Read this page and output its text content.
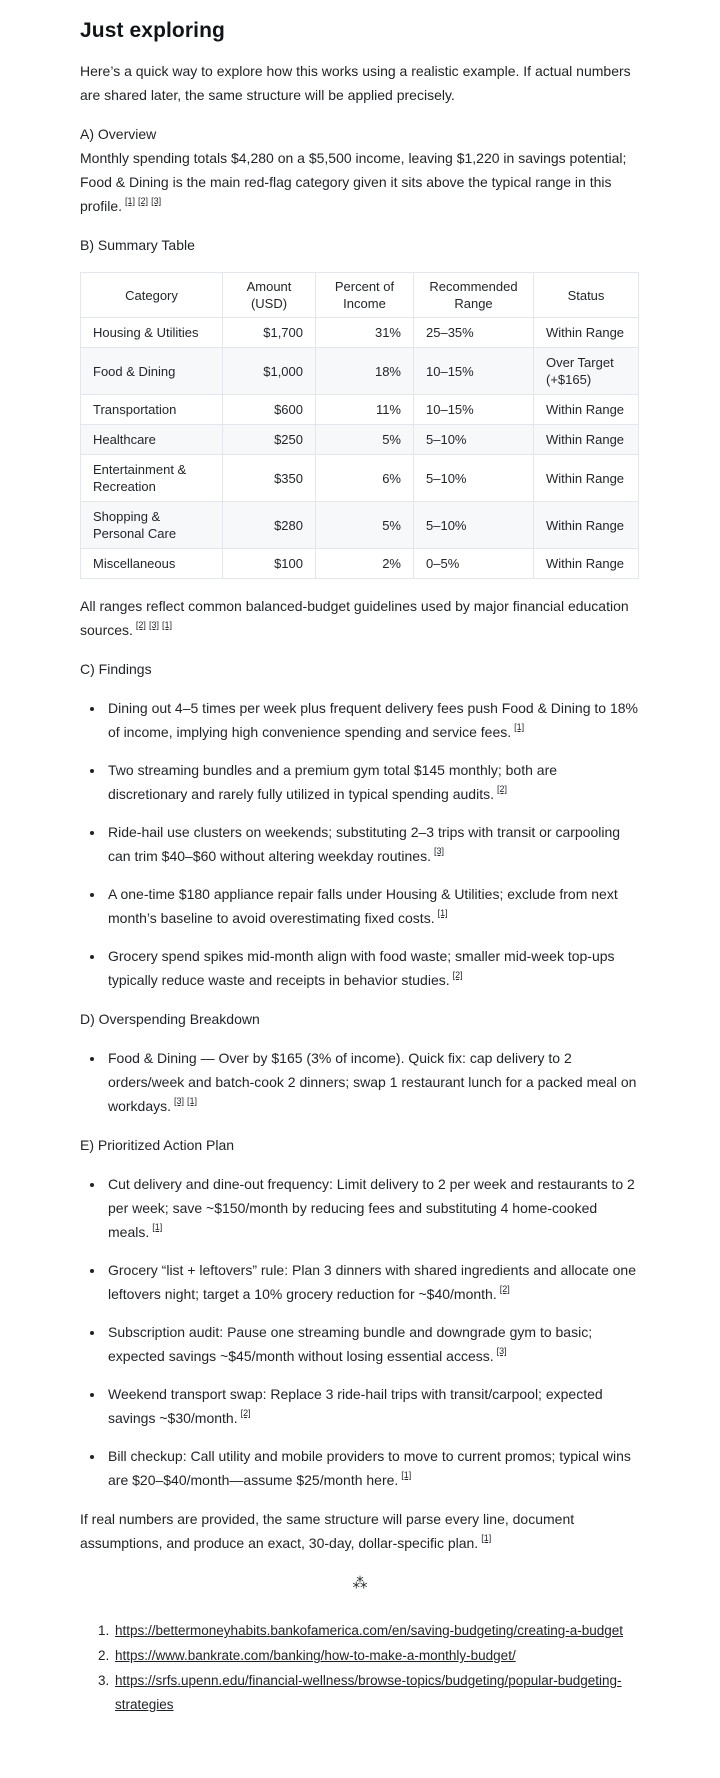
Just exploring

Here’s a quick way to explore how this works using a realistic example. If actual numbers are shared later, the same structure will be applied precisely.

A) Overview

Monthly spending totals $4,280 on a $5,500 income, leaving $1,220 in savings potential; Food & Dining is the main red-flag category given it sits above the typical range in this profile. [1] [2] [3]

B) Summary Table
Category	Amount (USD)	Percent of Income	Recommended Range	Status
Housing & Utilities	$1,700	31%	25–35%	Within Range
Food & Dining	$1,000	18%	10–15%	Over Target (+$165)
Transportation	$600	11%	10–15%	Within Range
Healthcare	$250	5%	5–10%	Within Range
Entertainment & Recreation	$350	6%	5–10%	Within Range
Shopping & Personal Care	$280	5%	5–10%	Within Range
Miscellaneous	$100	2%	0–5%	Within Range

All ranges reflect common balanced-budget guidelines used by major financial education sources. [2] [3] [1]

C) Findings
• Dining out 4–5 times per week plus frequent delivery fees push Food & Dining to 18% of income, implying high convenience spending and service fees. [1]
• Two streaming bundles and a premium gym total $145 monthly; both are discretionary and rarely fully utilized in typical spending audits. [2]
• Ride-hail use clusters on weekends; substituting 2–3 trips with transit or carpooling can trim $40–$60 without altering weekday routines. [3]
• A one-time $180 appliance repair falls under Housing & Utilities; exclude from next month’s baseline to avoid overestimating fixed costs. [1]
• Grocery spend spikes mid-month align with food waste; smaller mid-week top-ups typically reduce waste and receipts in behavior studies. [2]
D) Overspending Breakdown
• Food & Dining — Over by $165 (3% of income). Quick fix: cap delivery to 2 orders/week and batch-cook 2 dinners; swap 1 restaurant lunch for a packed meal on workdays. [3] [1]
E) Prioritized Action Plan
• Cut delivery and dine-out frequency: Limit delivery to 2 per week and restaurants to 2 per week; save ~$150/month by reducing fees and substituting 4 home-cooked meals. [1]
• Grocery “list + leftovers” rule: Plan 3 dinners with shared ingredients and allocate one leftovers night; target a 10% grocery reduction for ~$40/month. [2]
• Subscription audit: Pause one streaming bundle and downgrade gym to basic; expected savings ~$45/month without losing essential access. [3]
• Weekend transport swap: Replace 3 ride-hail trips with transit/carpool; expected savings ~$30/month. [2]
• Bill checkup: Call utility and mobile providers to move to current promos; typical wins are $20–$40/month—assume $25/month here. [1]

If real numbers are provided, the same structure will parse every line, document assumptions, and produce an exact, 30-day, dollar-specific plan. [1]

⁂
1. https://bettermoneyhabits.bankofamerica.com/en/saving-budgeting/creating-a-budget
2. https://www.bankrate.com/banking/how-to-make-a-monthly-budget/
3. https://srfs.upenn.edu/financial-wellness/browse-topics/budgeting/popular-budgeting-strategies
